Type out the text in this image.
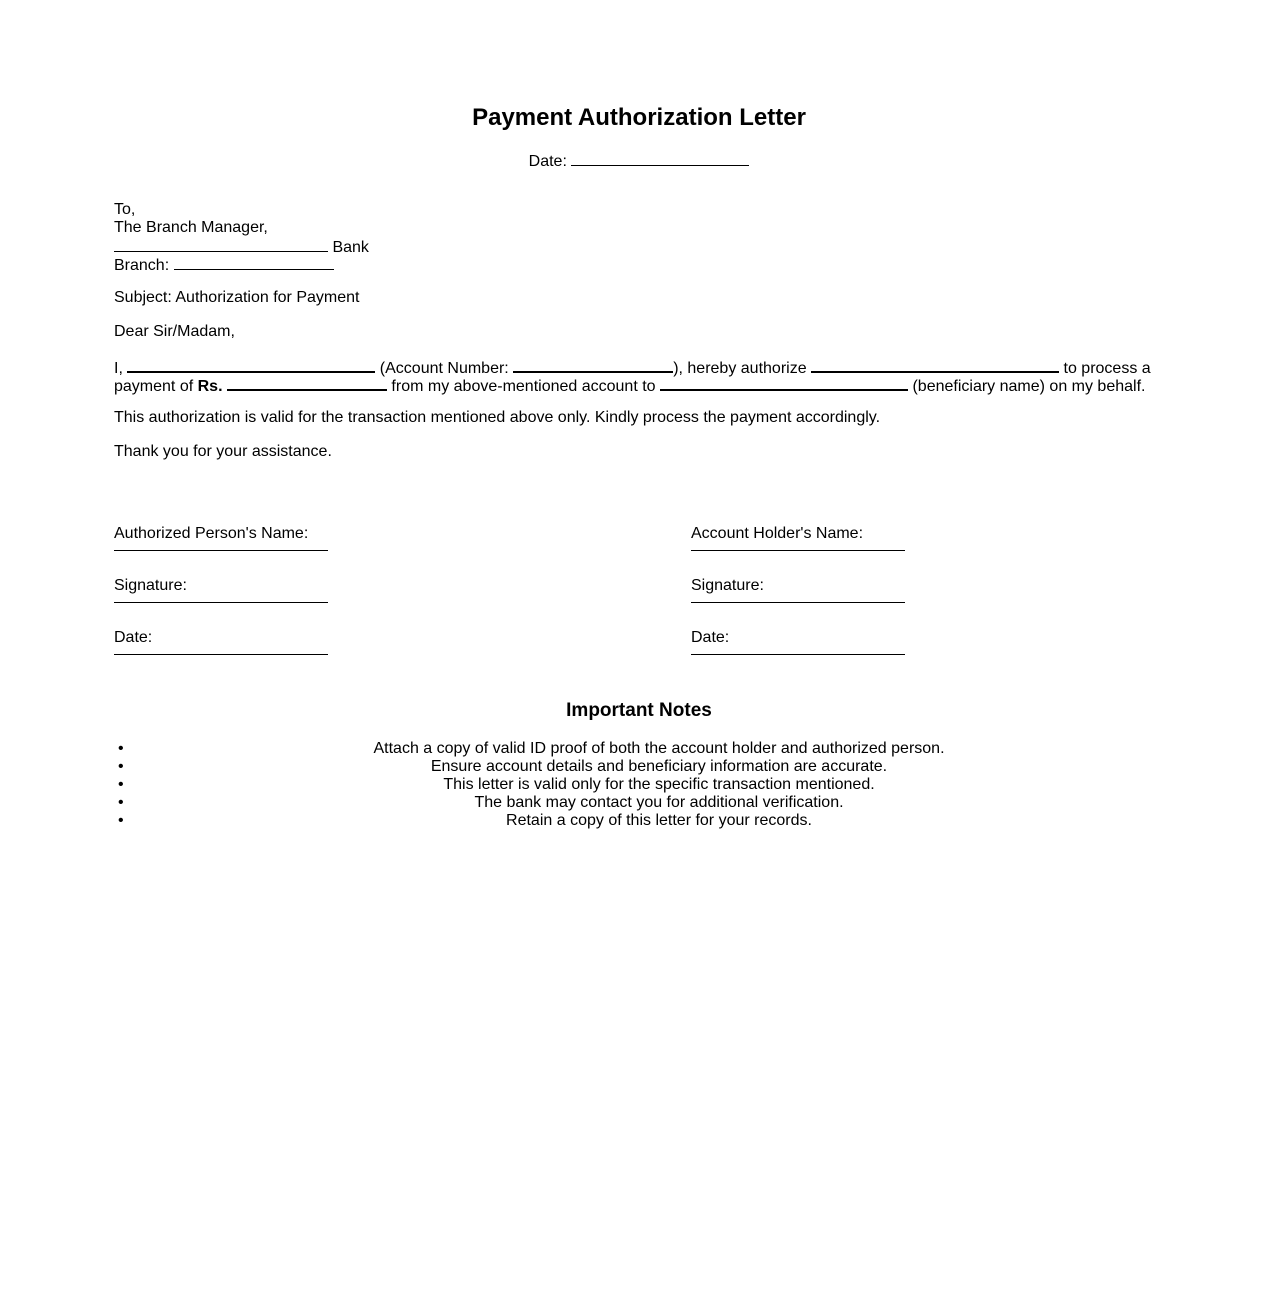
Payment Authorization Letter
Date:
To,
The Branch Manager,
Bank
Branch:
Subject: Authorization for Payment
Dear Sir/Madam,
I,	(Account Number:	), hereby authorize	to process a
payment of Rs.	from my above-mentioned account to	(beneficiary name) on my behalf.
This authorization is valid for the transaction mentioned above only. Kindly process the payment accordingly.
Thank you for your assistance.
Authorized Person's Name:
Signature:
Date:
Account Holder's Name:
Signature:
Date:
Important Notes
•	Attach a copy of valid ID proof of both the account holder and authorized person.
•	Ensure account details and beneficiary information are accurate.
•	This letter is valid only for the specific transaction mentioned.
•	The bank may contact you for additional verification.
•	Retain a copy of this letter for your records.
